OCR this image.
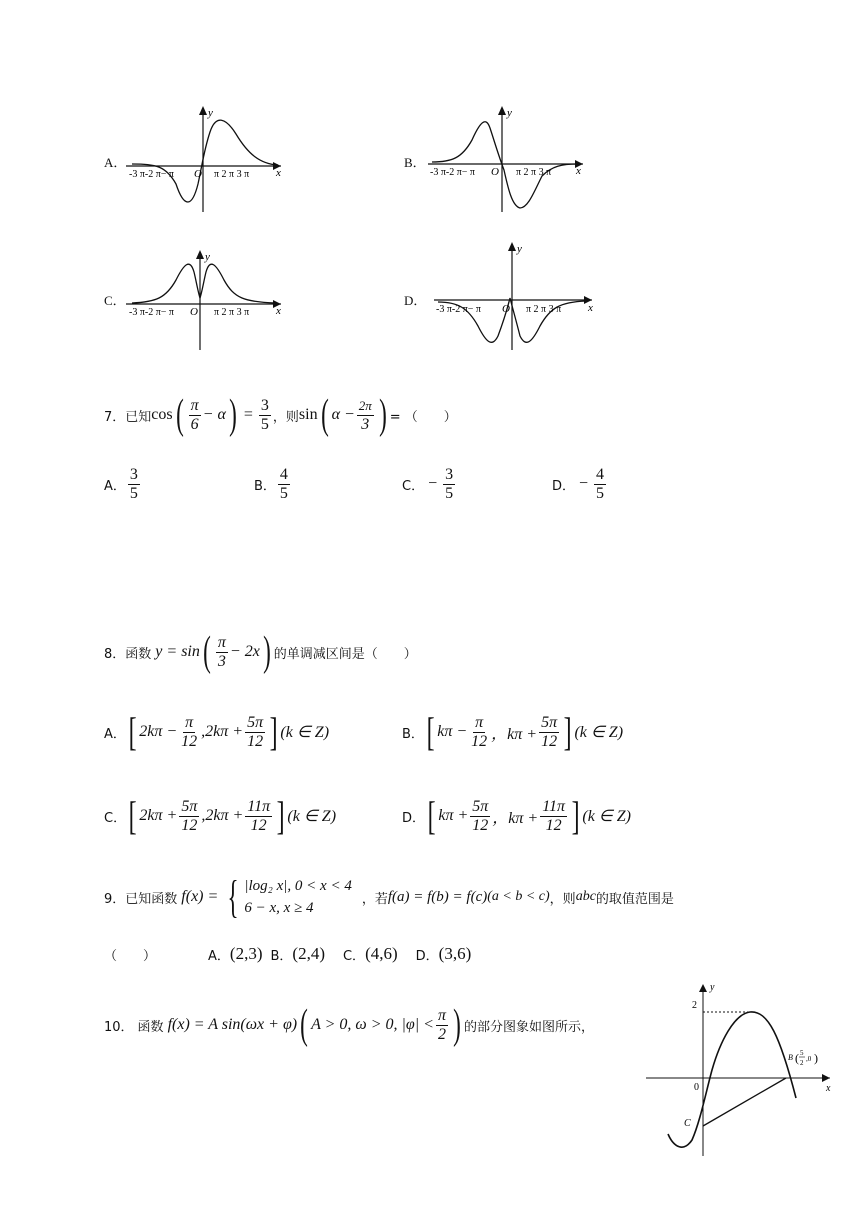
A．
y
x
-3 π-2 π− π O π 2 π 3 π
B．
y
x
-3 π-2 π− π O π 2 π 3 π
C．
y
x
-3 π-2 π− π O π 2 π 3 π
D．
y
x
-3 π-2 π− π O π 2 π 3 π
7． 已知 cos ( $\frac{\pi}{6} - \alpha$ ) = $\frac{3}{5}$ ，则 sin ( $\alpha - \frac{2\pi}{3}$ ) = （　　）
A． $\frac{3}{5}$	B． $\frac{4}{5}$	C． − $\frac{3}{5}$	D． − $\frac{4}{5}$
8． 函数 y = sin ( $\frac{\pi}{3} - 2x$ ) 的单调减区间是（　　）
A． [ $2k\pi - \frac{\pi}{12} ,2k\pi + \frac{5\pi}{12}$ ] (k ∈ Z)	B． [ $k\pi - \frac{\pi}{12}$ ，$k\pi + \frac{5\pi}{12}$ ] (k ∈ Z)
C． [ $2k\pi + \frac{5\pi}{12} ,2k\pi + \frac{11\pi}{12}$ ] (k ∈ Z)	D． [ $k\pi + \frac{5\pi}{12}$ ，$k\pi + \frac{11\pi}{12}$ ] (k ∈ Z)
9． 已知函数 f(x) = { |log₂ x|, 0 < x < 4
6 − x, x ≥ 4
，若 f(a) = f(b) = f(c) (a < b < c) ，则 abc 的取值范围是
（　　）	A． (2,3) B． (2,4) C． (4,6) D． (3,6)
10． 函数 f(x) = A sin(ωx + φ) ( A > 0, ω > 0, $|\varphi| < \frac{\pi}{2}$ ) 的部分图象如图所示，
y
x
2
0
C
B ( 5
2 ,0 )
